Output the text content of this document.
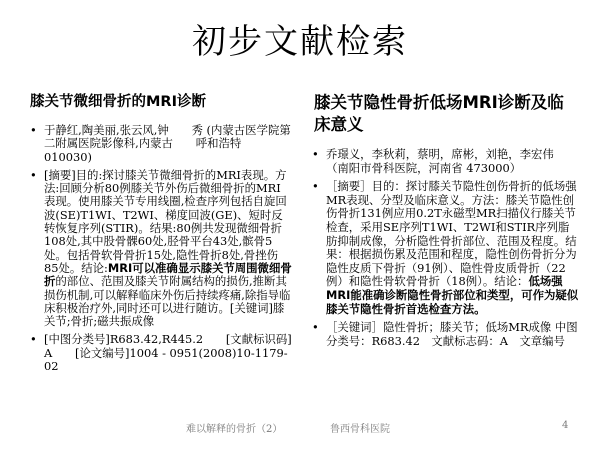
初步文献检索
膝关节微细骨折的MRI诊断
• 于静红,陶美丽,张云风,钟　　秀 (内蒙古医学院第二附属医院影像科,内蒙古　　呼和浩特　　010030)
• [摘要]目的:探讨膝关节微细骨折的MRI表现。方法:回顾分析80例膝关节外伤后微细骨折的MRI表现。使用膝关节专用线圈,检查序列包括自旋回波(SE)T1WI、T2WI、梯度回波(GE)、短时反转恢复序列(STIR)。结果:80例共发现微细骨折108处,其中股骨髁60处,胫骨平台43处,髌骨5处。包括骨软骨骨折15处,隐性骨折8处,骨挫伤85处。结论:MRI可以准确显示膝关节周围微细骨折的部位、范围及膝关节附属结构的损伤,推断其损伤机制,可以解释临床外伤后持续疼痛,除指导临床积极治疗外,同时还可以进行随访。[关键词]膝关节;骨折;磁共振成像
• [中图分类号]R683.42,R445.2　　[文献标识码]　　A　　[论文编号]1004 - 0951(2008)10-1179-02
膝关节隐性骨折低场MRI诊断及临床意义
• 乔璟义，李秋莉，蔡明，席彬，刘艳，李宏伟　（南阳市骨科医院，河南省 473000）
• ［摘要］目的：探讨膝关节隐性创伤骨折的低场强MR表现、分型及临床意义。方法：膝关节隐性创伤骨折131例应用0.2T永磁型MR扫描仪行膝关节检查，采用SE序列T1WI、T2WI和STIR序列脂肪抑制成像，分析隐性骨折部位、范围及程度。结果：根据损伤累及范围和程度，隐性创伤骨折分为隐性皮质下骨折（91例）、隐性骨皮质骨折（22例）和隐性骨软骨骨折（18例）。结论：低场强MRI能准确诊断隐性骨折部位和类型，可作为疑似膝关节隐性骨折首选检查方法。
• ［关键词］隐性骨折；膝关节；低场MR成像 中图分类号：R683.42　文献标志码：A　文章编号
难以解释的骨折（2）	鲁西骨科医院	4
